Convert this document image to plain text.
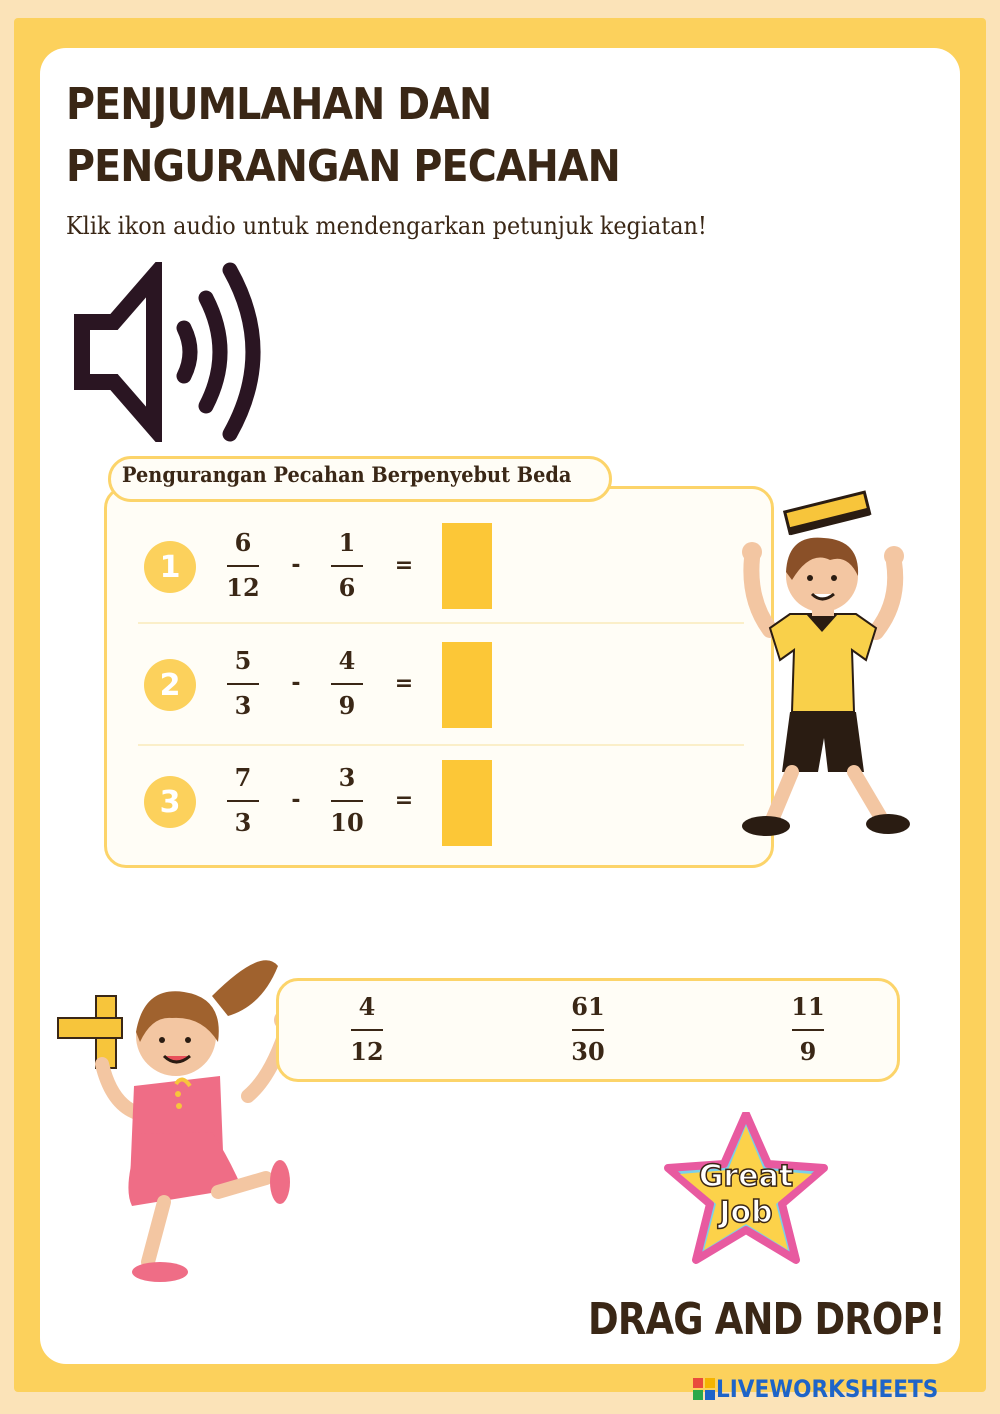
PENJUMLAHAN DAN
PENGURANGAN PECAHAN
Klik ikon audio untuk mendengarkan petunjuk kegiatan!
Pengurangan Pecahan Berpenyebut Beda
1
6
12
-
1
6
=
2
5
3
-
4
9
=
3
7
3
-
3
10
=
4
12
61
30
11
9
Great
Job
DRAG AND DROP!
LIVEWORKSHEETS
